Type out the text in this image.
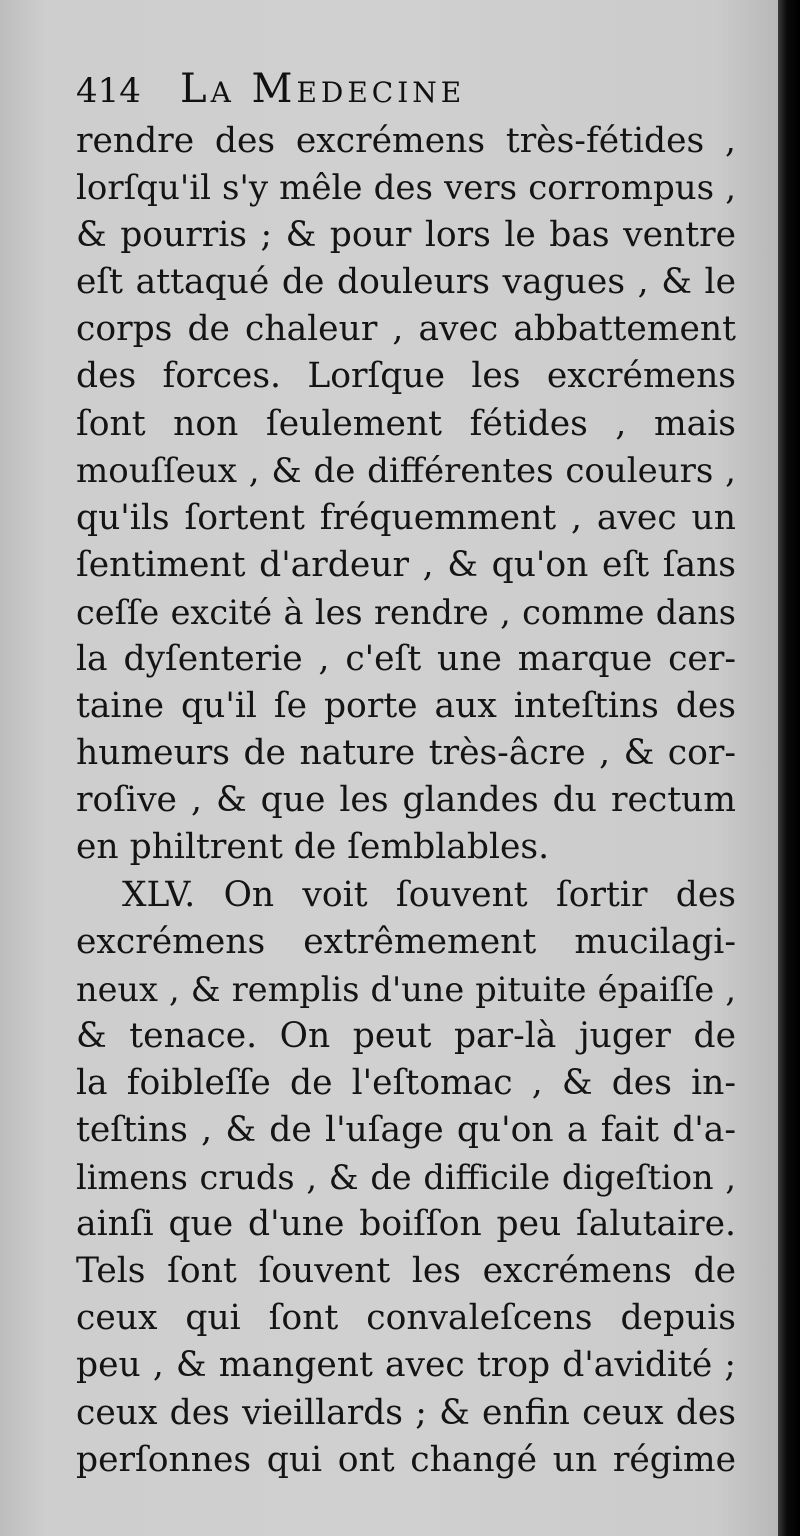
414 La Medecine
rendre des excrémens très-fétides ,
lorſqu'il s'y mêle des vers corrompus ,
& pourris ; & pour lors le bas ventre
eſt attaqué de douleurs vagues , & le
corps de chaleur , avec abbattement
des forces. Lorſque les excrémens
ſont non ſeulement fétides , mais
mouſſeux , & de différentes couleurs ,
qu'ils ſortent fréquemment , avec un
ſentiment d'ardeur , & qu'on eſt ſans
ceſſe excité à les rendre , comme dans
la dyſenterie , c'eſt une marque cer-
taine qu'il ſe porte aux inteſtins des
humeurs de nature très-âcre , & cor-
roſive , & que les glandes du rectum
en philtrent de ſemblables.
XLV. On voit ſouvent ſortir des
excrémens extrêmement mucilagi-
neux , & remplis d'une pituite épaiſſe ,
& tenace. On peut par-là juger de
la foibleſſe de l'eſtomac , & des in-
teſtins , & de l'uſage qu'on a fait d'a-
limens cruds , & de difficile digeſtion ,
ainſi que d'une boiſſon peu ſalutaire.
Tels ſont ſouvent les excrémens de
ceux qui ſont convaleſcens depuis
peu , & mangent avec trop d'avidité ;
ceux des vieillards ; & enfin ceux des
perſonnes qui ont changé un régime
